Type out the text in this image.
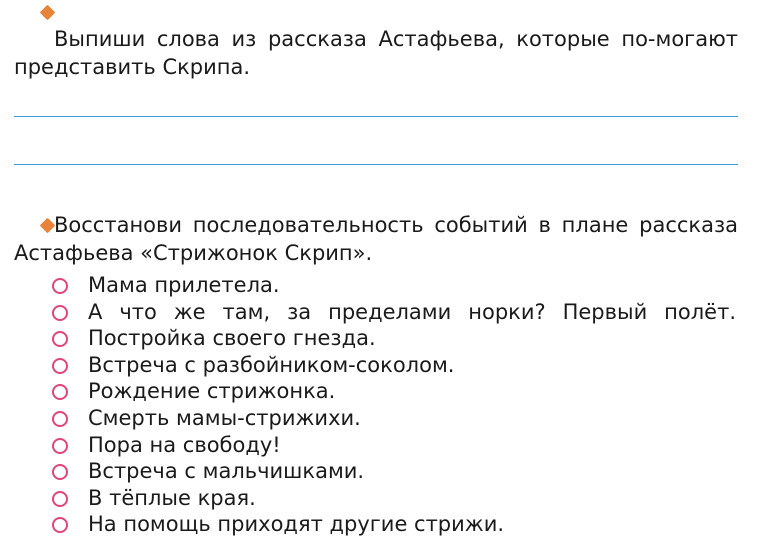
Выпиши слова из рассказа Астафьева, которые по-могают представить Скрипа.

Восстанови последовательность событий в плане рассказа Астафьева «Стрижонок Скрип».

Мама прилетела.
А что же там, за пределами норки? Первый полёт.
Постройка своего гнезда.
Встреча с разбойником-соколом.
Рождение стрижонка.
Смерть мамы-стрижихи.
Пора на свободу!
Встреча с мальчишками.
В тёплые края.
На помощь приходят другие стрижи.
